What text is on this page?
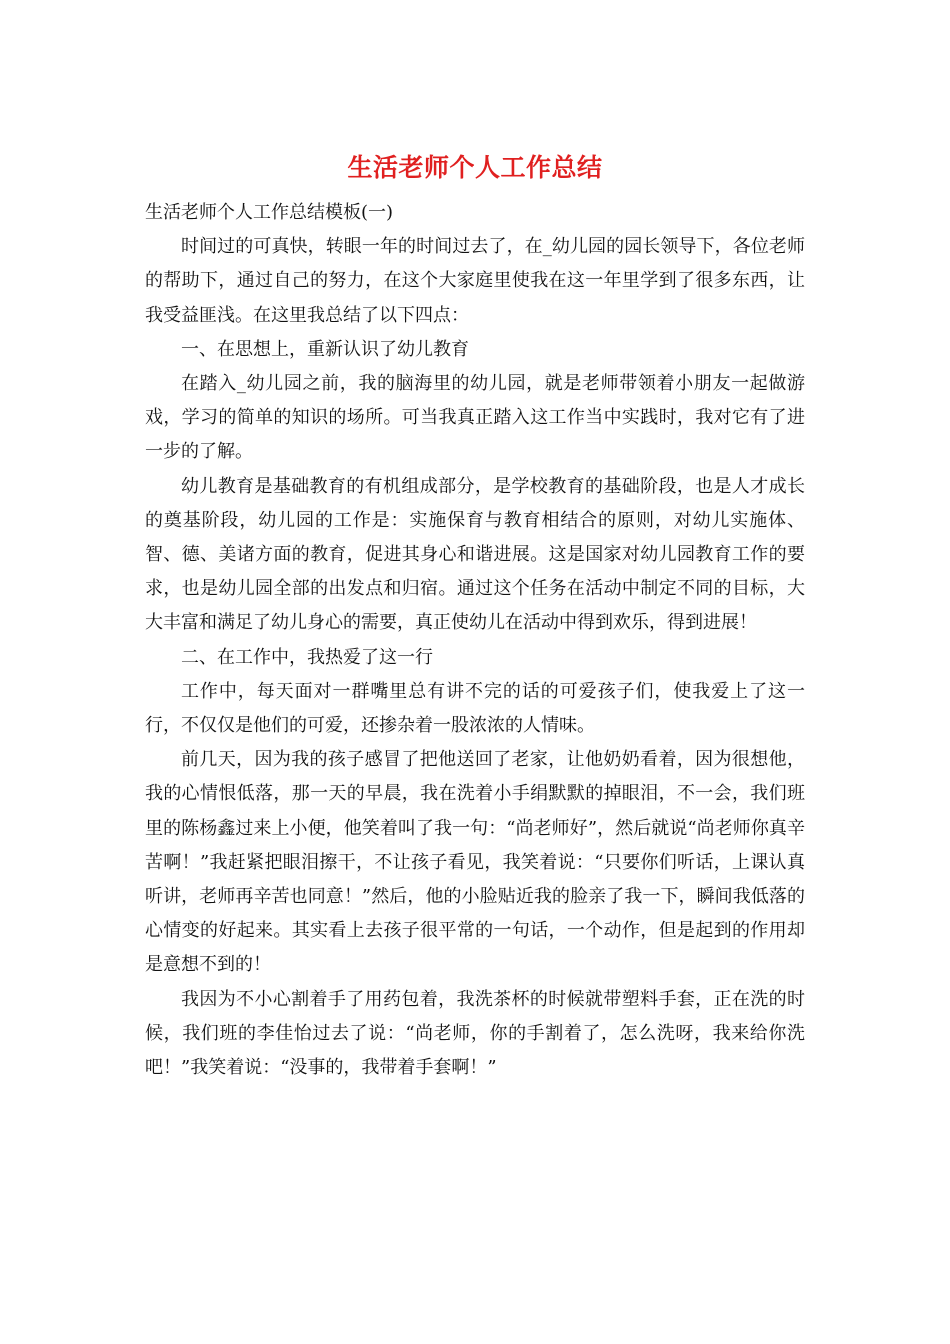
生活老师个人工作总结

生活老师个人工作总结模板(一)

时间过的可真快，转眼一年的时间过去了，在_幼儿园的园长领导下，各位老师的帮助下，通过自己的努力，在这个大家庭里使我在这一年里学到了很多东西，让我受益匪浅。在这里我总结了以下四点：

一、在思想上，重新认识了幼儿教育

在踏入_幼儿园之前，我的脑海里的幼儿园，就是老师带领着小朋友一起做游戏，学习的简单的知识的场所。可当我真正踏入这工作当中实践时，我对它有了进一步的了解。

幼儿教育是基础教育的有机组成部分，是学校教育的基础阶段，也是人才成长的奠基阶段，幼儿园的工作是：实施保育与教育相结合的原则，对幼儿实施体、智、德、美诸方面的教育，促进其身心和谐进展。这是国家对幼儿园教育工作的要求，也是幼儿园全部的出发点和归宿。通过这个任务在活动中制定不同的目标，大大丰富和满足了幼儿身心的需要，真正使幼儿在活动中得到欢乐，得到进展！

二、在工作中，我热爱了这一行

工作中，每天面对一群嘴里总有讲不完的话的可爱孩子们，使我爱上了这一行，不仅仅是他们的可爱，还掺杂着一股浓浓的人情味。

前几天，因为我的孩子感冒了把他送回了老家，让他奶奶看着，因为很想他，我的心情恨低落，那一天的早晨，我在洗着小手绢默默的掉眼泪，不一会，我们班里的陈杨鑫过来上小便，他笑着叫了我一句：“尚老师好”，然后就说“尚老师你真辛苦啊！”我赶紧把眼泪擦干，不让孩子看见，我笑着说：“只要你们听话，上课认真听讲，老师再辛苦也同意！”然后，他的小脸贴近我的脸亲了我一下，瞬间我低落的心情变的好起来。其实看上去孩子很平常的一句话，一个动作，但是起到的作用却是意想不到的！

我因为不小心割着手了用药包着，我洗茶杯的时候就带塑料手套，正在洗的时候，我们班的李佳怡过去了说：“尚老师，你的手割着了，怎么洗呀，我来给你洗吧！”我笑着说：“没事的，我带着手套啊！”
